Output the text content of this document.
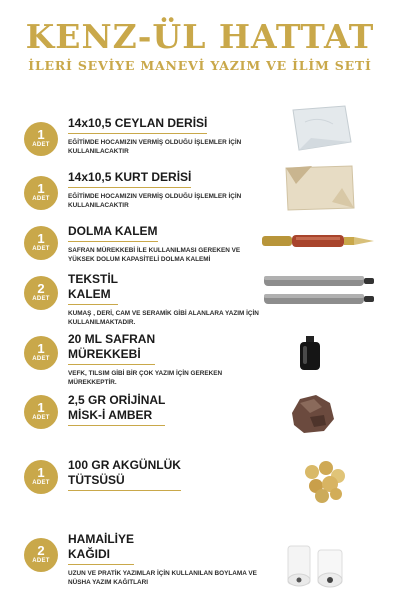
KENZ-ÜL HATTAT
İLERİ SEVİYE MANEVİ YAZIM VE İLİM SETİ
1
ADET
14x10,5 CEYLAN DERİSİ
EĞİTİMDE HOCAMIZIN VERMİŞ OLDUĞU İŞLEMLER İÇİN KULLANILACAKTIR
1
ADET
14x10,5 KURT DERİSİ
EĞİTİMDE HOCAMIZIN VERMİŞ OLDUĞU İŞLEMLER İÇİN KULLANILACAKTIR
1
ADET
DOLMA KALEM
SAFRAN MÜREKKEBİ İLE KULLANILMASI GEREKEN VE YÜKSEK DOLUM KAPASİTELİ DOLMA KALEMİ
2
ADET
TEKSTİL
KALEM
KUMAŞ , DERİ, CAM VE SERAMİK GİBİ ALANLARA YAZIM İÇİN KULLANILMAKTADIR.
1
ADET
20 ML SAFRAN
MÜREKKEBİ
VEFK, TILSIM GİBİ BİR ÇOK YAZIM İÇİN GEREKEN MÜREKKEPTİR.
1
ADET
2,5 GR ORİJİNAL
MİSK-İ AMBER
1
ADET
100 GR AKGÜNLÜK
TÜTSÜSÜ
2
ADET
HAMAİLİYE
KAĞIDI
UZUN VE PRATİK YAZIMLAR İÇİN KULLANILAN BOYLAMA VE NÜSHA YAZIM KAĞITLARI
